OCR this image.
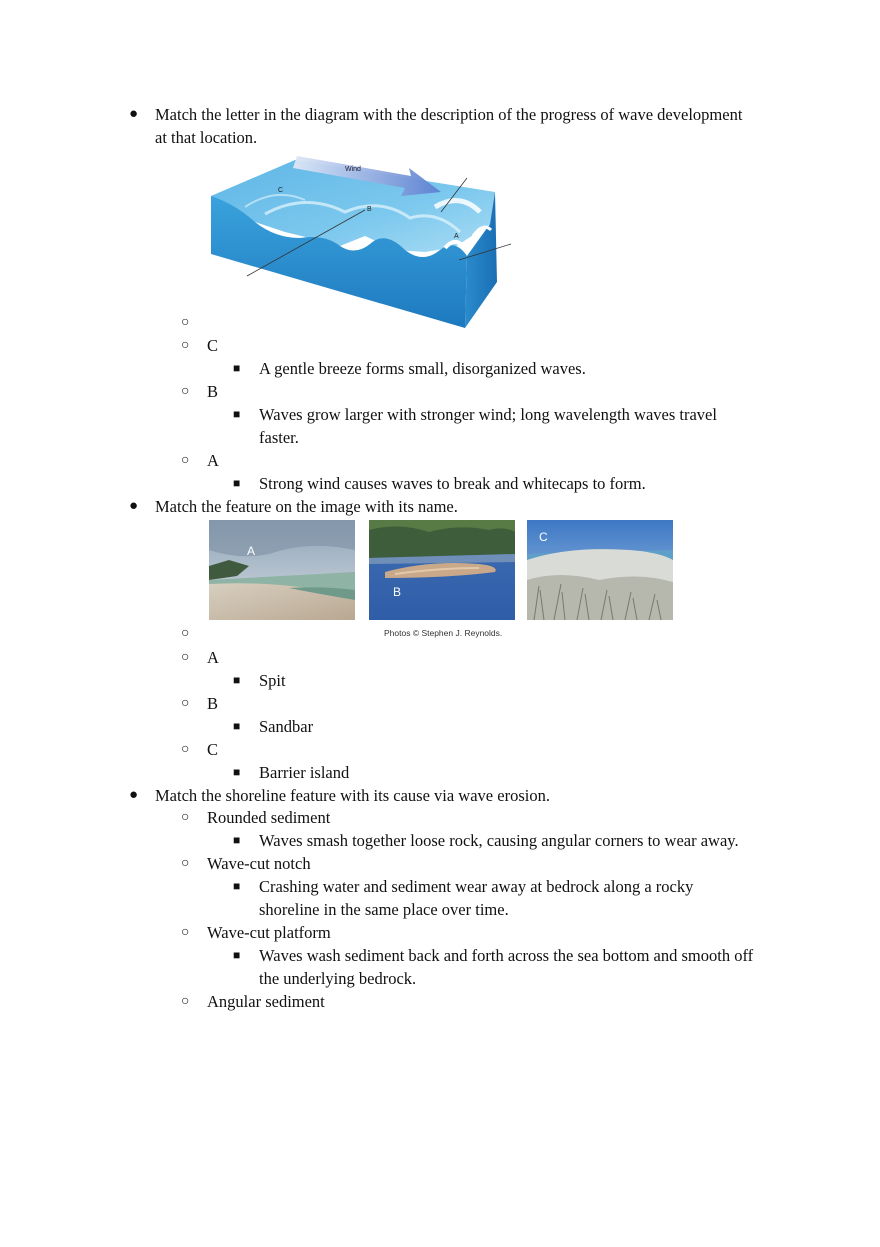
● Match the letter in the diagram with the description of the progress of wave development
at that location.
Wind
C
B
A
○
○ C
■ A gentle breeze forms small, disorganized waves.
○ B
■ Waves grow larger with stronger wind; long wavelength waves travel
faster.
○ A
■ Strong wind causes waves to break and whitecaps to form.
● Match the feature on the image with its name.
A
B
C
Photos © Stephen J. Reynolds.
○
○ A
■ Spit
○ B
■ Sandbar
○ C
■ Barrier island
● Match the shoreline feature with its cause via wave erosion.
○ Rounded sediment
■ Waves smash together loose rock, causing angular corners to wear away.
○ Wave-cut notch
■ Crashing water and sediment wear away at bedrock along a rocky
shoreline in the same place over time.
○ Wave-cut platform
■ Waves wash sediment back and forth across the sea bottom and smooth off
the underlying bedrock.
○ Angular sediment
